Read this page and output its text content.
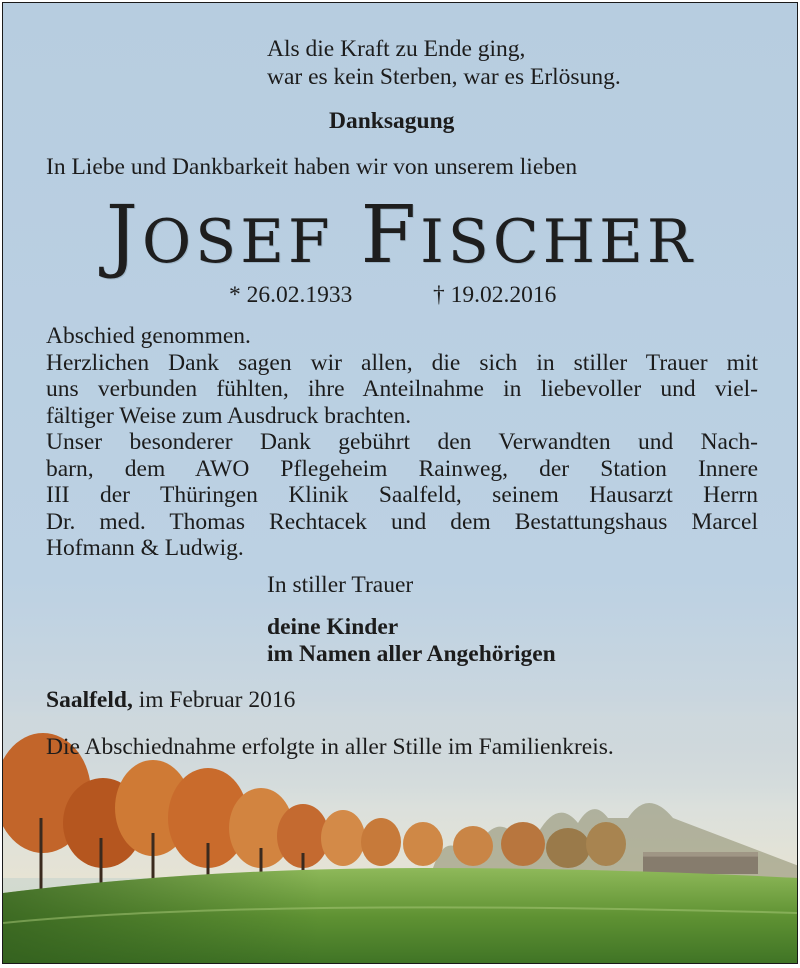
Als die Kraft zu Ende ging,
war es kein Sterben, war es Erlösung.
Danksagung
In Liebe und Dankbarkeit haben wir von unserem lieben
JOSEF FISCHER
* 26.02.1933	† 19.02.2016
Abschied genommen.
Herzlichen Dank sagen wir allen, die sich in stiller Trauer mit
uns verbunden fühlten, ihre Anteilnahme in liebevoller und viel-
fältiger Weise zum Ausdruck brachten.
Unser besonderer Dank gebührt den Verwandten und Nach-
barn, dem AWO Pflegeheim Rainweg, der Station Innere
III der Thüringen Klinik Saalfeld, seinem Hausarzt Herrn
Dr. med. Thomas Rechtacek und dem Bestattungshaus Marcel
Hofmann & Ludwig.
In stiller Trauer
deine Kinder
im Namen aller Angehörigen
Saalfeld, im Februar 2016
Die Abschiednahme erfolgte in aller Stille im Familienkreis.
